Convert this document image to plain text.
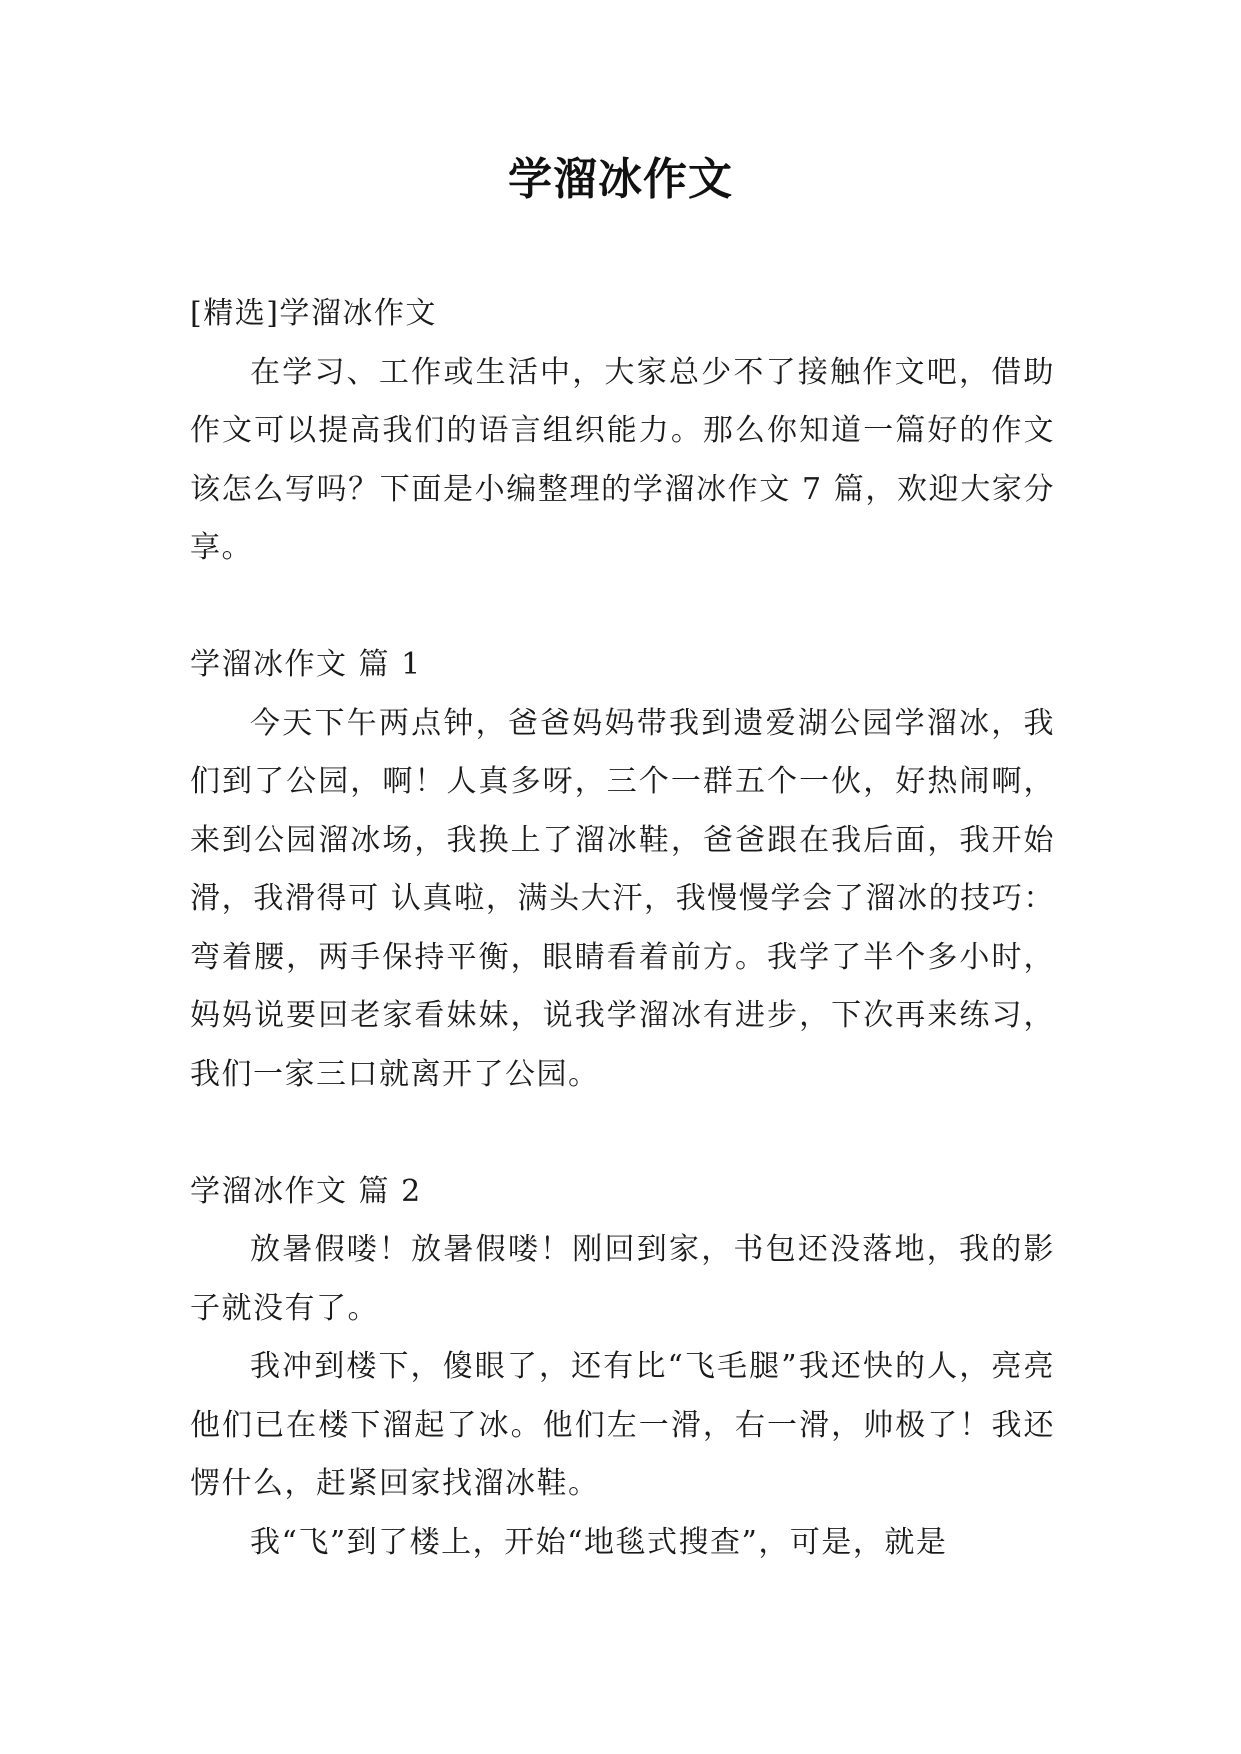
学溜冰作文

[精选]学溜冰作文

在学习、工作或生活中，大家总少不了接触作文吧，借助作文可以提高我们的语言组织能力。那么你知道一篇好的作文该怎么写吗？下面是小编整理的学溜冰作文 7 篇，欢迎大家分享。

学溜冰作文 篇 1

今天下午两点钟，爸爸妈妈带我到遗爱湖公园学溜冰，我们到了公园，啊！人真多呀，三个一群五个一伙，好热闹啊，来到公园溜冰场，我换上了溜冰鞋，爸爸跟在我后面，我开始滑，我滑得可 认真啦，满头大汗，我慢慢学会了溜冰的技巧：弯着腰，两手保持平衡，眼睛看着前方。我学了半个多小时，妈妈说要回老家看妹妹，说我学溜冰有进步，下次再来练习，我们一家三口就离开了公园。

学溜冰作文 篇 2

放暑假喽！放暑假喽！刚回到家，书包还没落地，我的影子就没有了。

我冲到楼下，傻眼了，还有比“飞毛腿”我还快的人，亮亮他们已在楼下溜起了冰。他们左一滑，右一滑，帅极了！我还愣什么，赶紧回家找溜冰鞋。

我“飞”到了楼上，开始“地毯式搜查”，可是，就是
